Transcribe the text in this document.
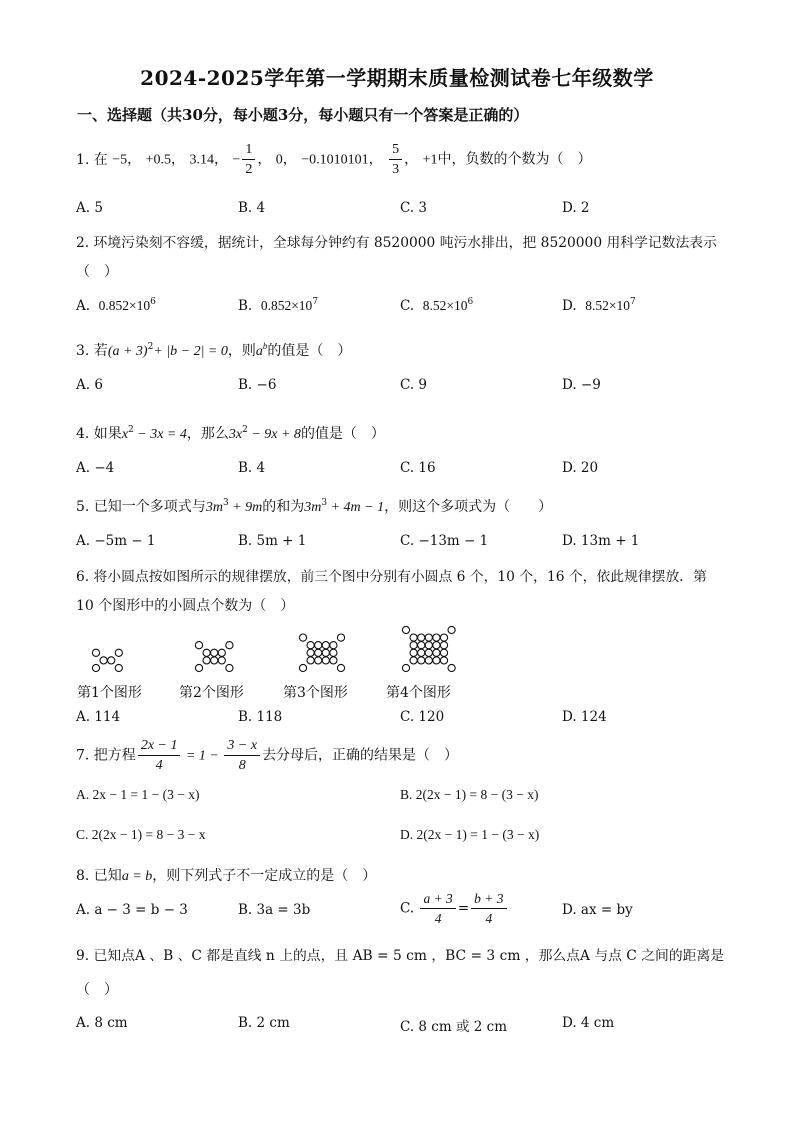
2024-2025学年第一学期期末质量检测试卷七年级数学
一、选择题（共30分，每小题3分，每小题只有一个答案是正确的）
1. 在 −5， +0.5， 3.14， − $\frac{1}{2}$ ， 0， −0.1010101， $\frac{5}{3}$ ， +1中，负数的个数为（　）
A. 5	B. 4	C. 3	D. 2
2. 环境污染刻不容缓，据统计，全球每分钟约有 8520000 吨污水排出，把 8520000 用科学记数法表示
（　）
A. $0.852\times 10^6$	B. $0.852\times 10^7$	C. $8.52\times 10^6$	D. $8.52\times 10^7$
3. 若$(a + 3)^2+ |b - 2| = 0$，则$a^b$的值是（　）
A. 6	B. −6	C. 9	D. −9
4. 如果$x^2 - 3x = 4$，那么$3x^2 - 9x + 8$的值是（　）
A. −4	B. 4	C. 16	D. 20
5. 已知一个多项式与$3m^3 + 9m$的和为$3m^3 + 4m - 1$，则这个多项式为（　　）
A. −5m − 1	B. 5m + 1	C. −13m − 1	D. 13m + 1
6. 将小圆点按如图所示的规律摆放，前三个图中分别有小圆点 6 个，10 个，16 个，依此规律摆放．第
10 个图形中的小圆点个数为（　）
第1个图形	第2个图形	第3个图形	第4个图形
A. 114	B. 118	C. 120	D. 124
7. 把方程 $\frac{2x - 1}{4} = 1 - \frac{3 - x}{8}$ 去分母后，正确的结果是（　）
A. 2x − 1 = 1 − (3 − x)	B. 2(2x − 1) = 8 − (3 − x)
C. 2(2x − 1) = 8 − 3 − x	D. 2(2x − 1) = 1 − (3 − x)
8. 已知a = b，则下列式子不一定成立的是（　）
A. a − 3 = b − 3	B. 3a = 3b	C. $\frac{a + 3}{4} = \frac{b + 3}{4}$	D. ax = by
9. 已知点A 、B 、C 都是直线 n 上的点，且 AB = 5 cm ，BC = 3 cm ，那么点A 与点 C 之间的距离是
（　）
A. 8 cm	B. 2 cm	C. 8 cm 或 2 cm	D. 4 cm
